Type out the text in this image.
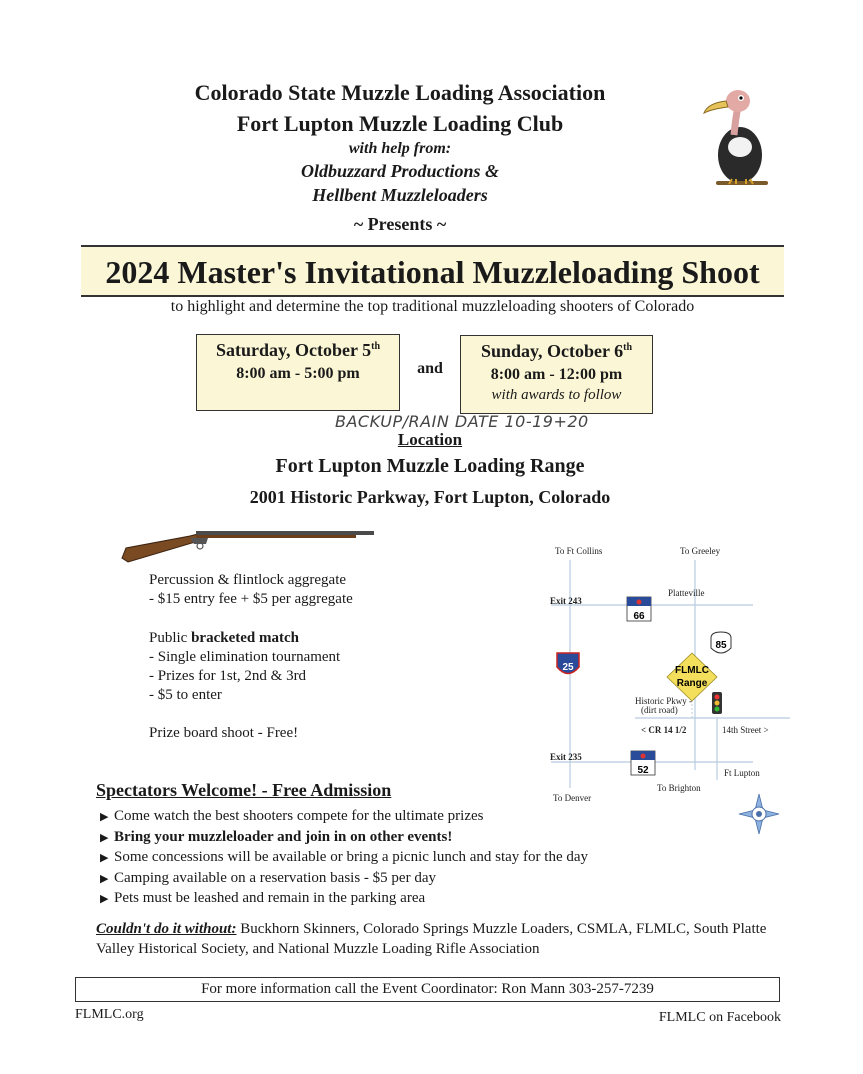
Colorado State Muzzle Loading Association
Fort Lupton Muzzle Loading Club
with help from:
Oldbuzzard Productions &
Hellbent Muzzleloaders
~ Presents ~
2024 Master's Invitational Muzzleloading Shoot
to highlight and determine the top traditional muzzleloading shooters of Colorado
Saturday, October 5th
8:00 am - 5:00 pm	and
Sunday, October 6th
8:00 am - 12:00 pm
with awards to follow
BACKUP/RAIN DATE 10-19+20
Location
Fort Lupton Muzzle Loading Range
2001 Historic Parkway, Fort Lupton, Colorado
Percussion & flintlock aggregate
- $15 entry fee + $5 per aggregate
Public bracketed match
- Single elimination tournament
- Prizes for 1st, 2nd & 3rd
- $5 to enter
Prize board shoot - Free!
To Ft Collins	To Greeley
Platteville
Exit 243
66
85
25	FLMLC
Range
Historic Pkwy -
(dirt road)
< CR 14 1/2	14th Street >
Exit 235
52	Ft Lupton
To Denver
To Brighton
Spectators Welcome! - Free Admission
▶ Come watch the best shooters compete for the ultimate prizes
▶ Bring your muzzleloader and join in on other events!
▶ Some concessions will be available or bring a picnic lunch and stay for the day
▶ Camping available on a reservation basis - $5 per day
▶ Pets must be leashed and remain in the parking area
Couldn't do it without: Buckhorn Skinners, Colorado Springs Muzzle Loaders, CSMLA, FLMLC, South Platte Valley Historical Society, and National Muzzle Loading Rifle Association
For more information call the Event Coordinator: Ron Mann 303-257-7239
FLMLC.org	FLMLC on Facebook
